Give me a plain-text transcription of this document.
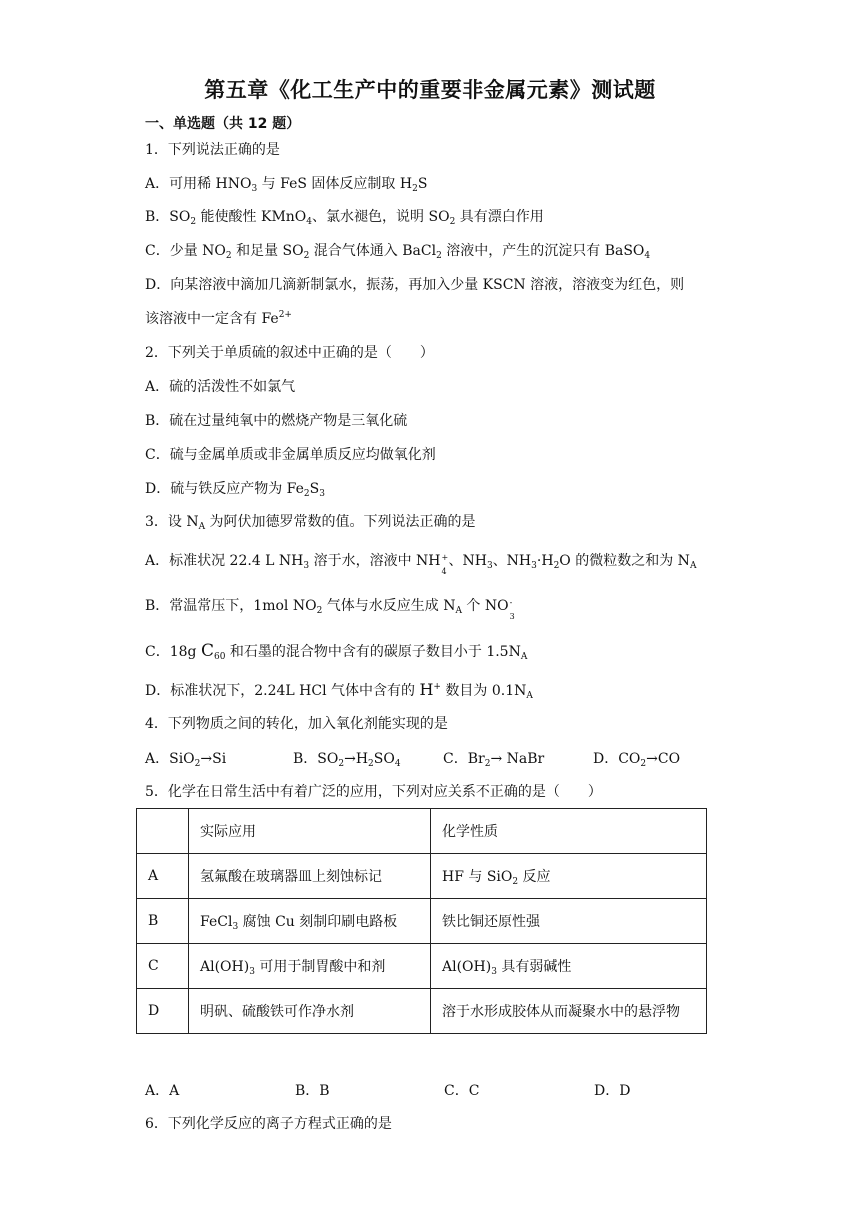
第五章《化工生产中的重要非金属元素》测试题
一、单选题（共 12 题）
1．下列说法正确的是
A．可用稀 $HNO_3$ 与 FeS 固体反应制取 $H_2S$
B．$SO_2$ 能使酸性 KMnO$_4$、氯水褪色，说明 $SO_2$ 具有漂白作用
C．少量 $NO_2$ 和足量 $SO_2$ 混合气体通入 BaCl$_2$ 溶液中，产生的沉淀只有 BaSO$_4$
D．向某溶液中滴加几滴新制氯水，振荡，再加入少量 KSCN 溶液，溶液变为红色，则
该溶液中一定含有 $Fe^{2+}$
2．下列关于单质硫的叙述中正确的是（　　）
A．硫的活泼性不如氯气
B．硫在过量纯氧中的燃烧产物是三氧化硫
C．硫与金属单质或非金属单质反应均做氧化剂
D．硫与铁反应产物为 $Fe_2S_3$
3．设 $N_A$ 为阿伏加德罗常数的值。下列说法正确的是
A．标准状况 22.4 L $NH_3$ 溶于水，溶液中 NH +
4
、$NH_3$、$NH_3\cdot H_2O$ 的微粒数之和为 $N_A$
B．常温常压下，1mol $NO_2$ 气体与水反应生成 $N_A$ 个 NO -
3
C．18g $C_{60}$ 和石墨的混合物中含有的碳原子数目小于 $1.5N_A$
D．标准状况下，2.24L HCl 气体中含有的 H+ 数目为 $0.1N_A$
4．下列物质之间的转化，加入氧化剂能实现的是
A．SiO$_2$→Si	B．$SO_2\to H_2SO_4$	C．$Br_2\to$ NaBr	D．$CO_2\to CO$
5．化学在日常生活中有着广泛的应用，下列对应关系不正确的是（　　）
	实际应用	化学性质
A	氢氟酸在玻璃器皿上刻蚀标记	HF 与 SiO$_2$ 反应
B	FeCl$_3$ 腐蚀 Cu 刻制印刷电路板	铁比铜还原性强
C	$Al(OH)_3$ 可用于制胃酸中和剂	$Al(OH)_3$ 具有弱碱性
D	明矾、硫酸铁可作净水剂	溶于水形成胶体从而凝聚水中的悬浮物
A．A	B．B	C．C	D．D
6．下列化学反应的离子方程式正确的是
